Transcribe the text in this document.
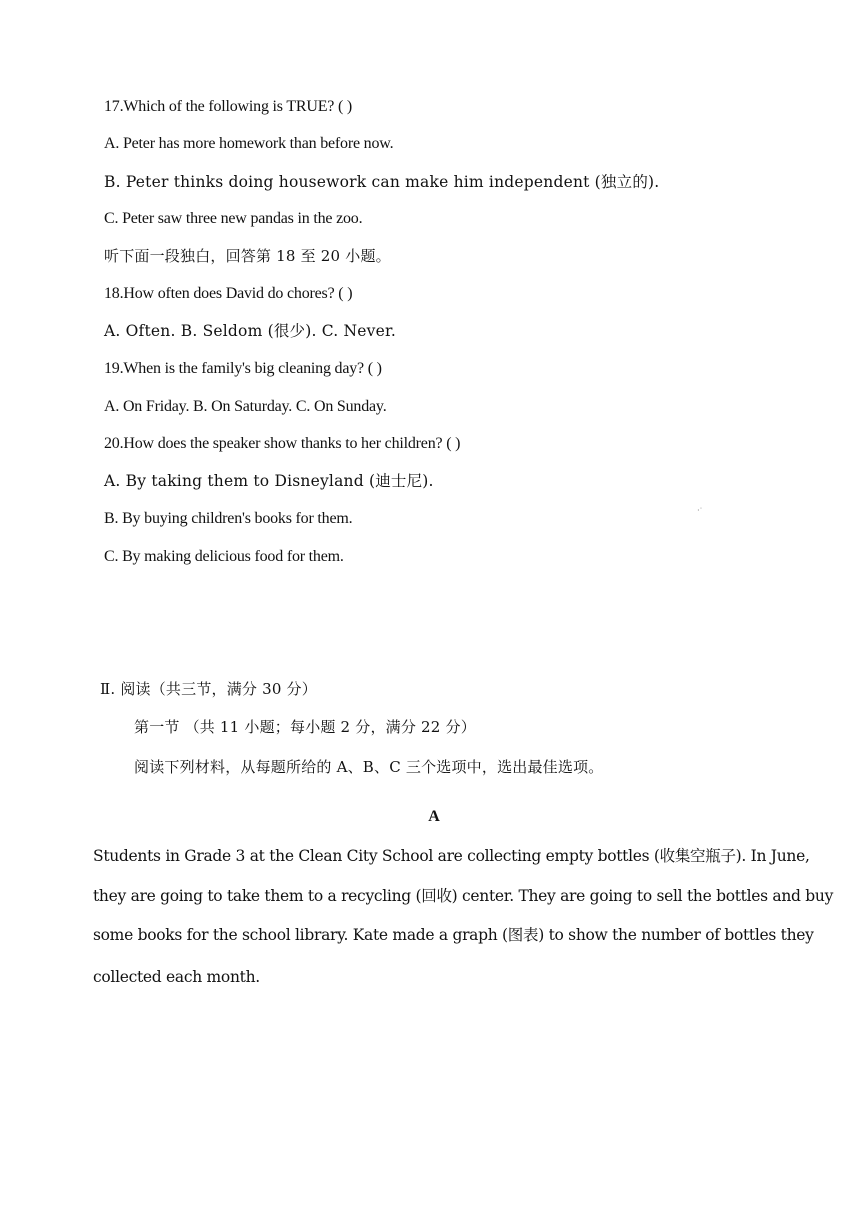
17.Which of the following is TRUE? ( )
A. Peter has more homework than before now.
B. Peter thinks doing housework can make him independent (独立的).
C. Peter saw three new pandas in the zoo.
听下面一段独白，回答第 18 至 20 小题。
18.How often does David do chores? ( )
A. Often. B. Seldom (很少). C. Never.
19.When is the family's big cleaning day? ( )
A. On Friday. B. On Saturday. C. On Sunday.
20.How does the speaker show thanks to her children? ( )
A. By taking them to Disneyland (迪士尼).
B. By buying children's books for them.
C. By making delicious food for them.
·˙
Ⅱ. 阅读（共三节，满分 30 分）
第一节 （共 11 小题；每小题 2 分，满分 22 分）
阅读下列材料，从每题所给的 A、B、C 三个选项中，选出最佳选项。
A
Students in Grade 3 at the Clean City School are collecting empty bottles (收集空瓶子). In June,
they are going to take them to a recycling (回收) center. They are going to sell the bottles and buy
some books for the school library. Kate made a graph (图表) to show the number of bottles they
collected each month.
